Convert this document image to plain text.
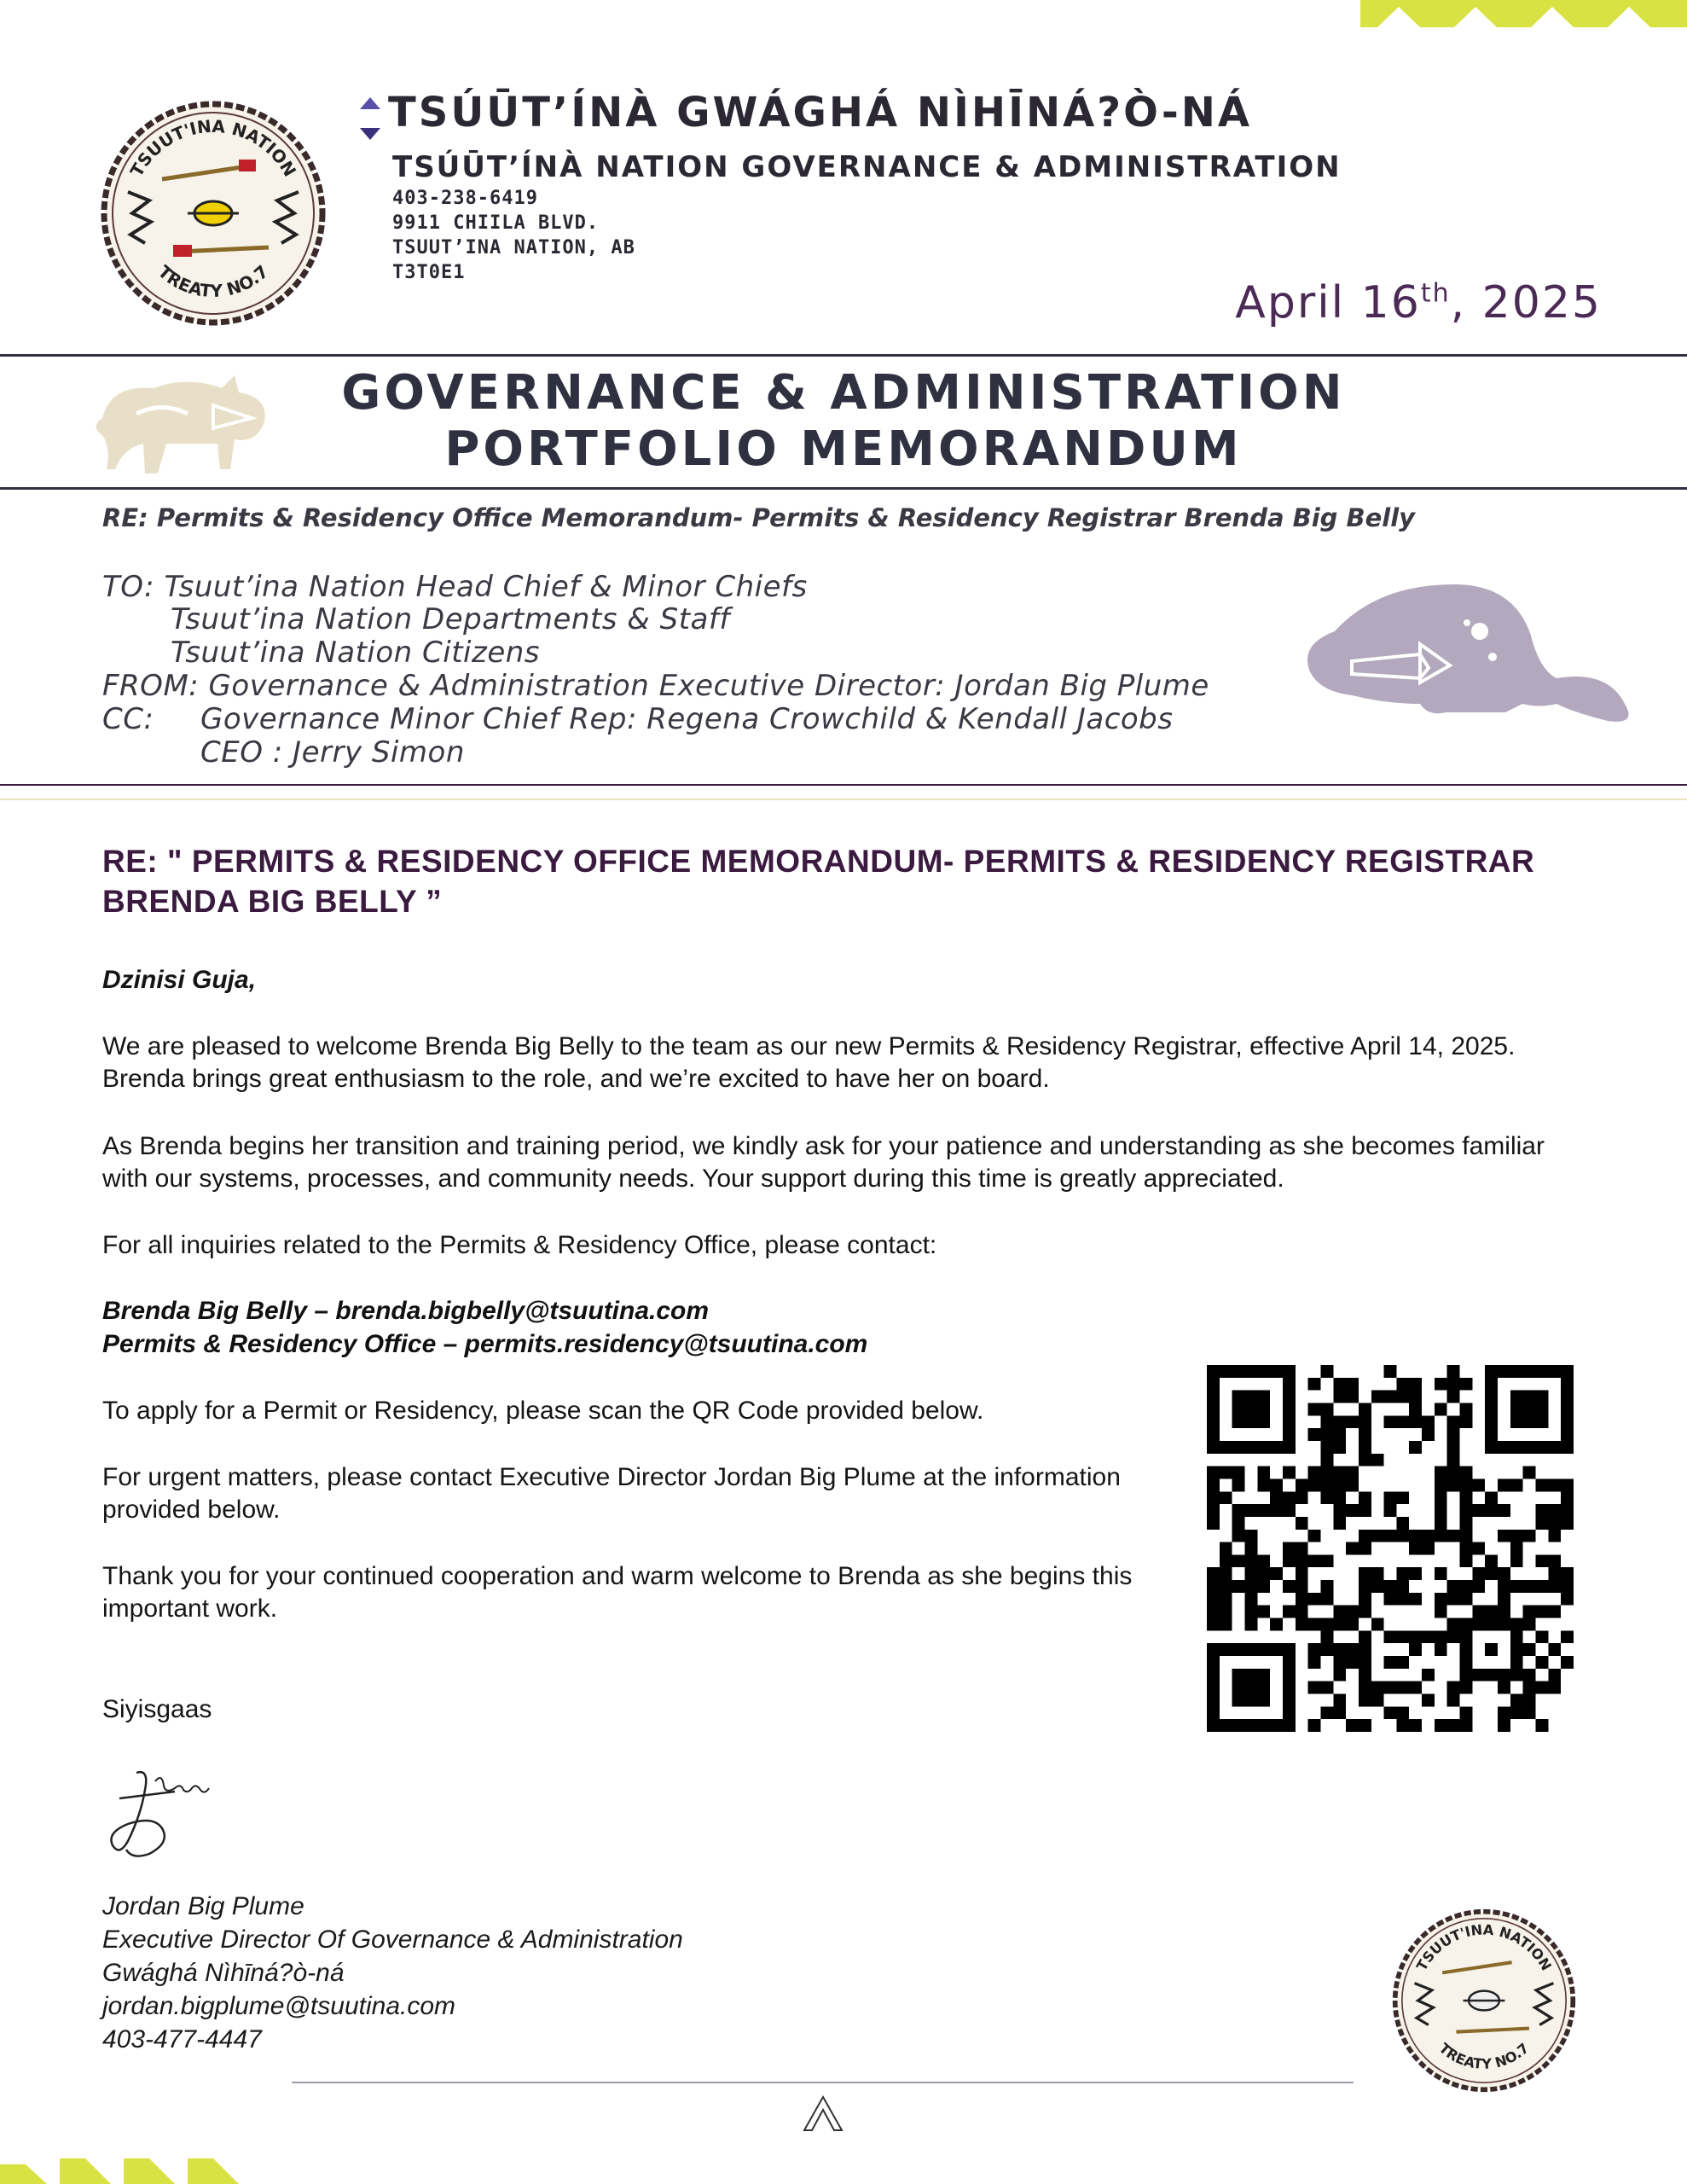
TSUUT'INA NATION
TREATY NO.7
TSÚŪT’ÍNÀ GWÁGHÁ NÌHĪNÁ?Ò-NÁ
TSÚŪT’ÍNÀ NATION GOVERNANCE & ADMINISTRATION
403-238-6419
9911 CHIILA BLVD.
TSUUT’INA NATION, AB
T3T0E1
April 16th, 2025
GOVERNANCE & ADMINISTRATION
PORTFOLIO MEMORANDUM
RE: Permits & Residency Office Memorandum- Permits & Residency Registrar Brenda Big Belly
TO: Tsuut’ina Nation Head Chief & Minor Chiefs
Tsuut’ina Nation Departments & Staff
Tsuut’ina Nation Citizens
FROM: Governance & Administration Executive Director: Jordan Big Plume
CC: Governance Minor Chief Rep: Regena Crowchild & Kendall Jacobs
CEO : Jerry Simon
RE: " PERMITS & RESIDENCY OFFICE MEMORANDUM- PERMITS & RESIDENCY REGISTRAR BRENDA BIG BELLY ”
Dzinisi Guja,
We are pleased to welcome Brenda Big Belly to the team as our new Permits & Residency Registrar, effective April 14, 2025. Brenda brings great enthusiasm to the role, and we’re excited to have her on board.
As Brenda begins her transition and training period, we kindly ask for your patience and understanding as she becomes familiar with our systems, processes, and community needs. Your support during this time is greatly appreciated.
For all inquiries related to the Permits & Residency Office, please contact:
Brenda Big Belly – brenda.bigbelly@tsuutina.com
Permits & Residency Office – permits.residency@tsuutina.com
To apply for a Permit or Residency, please scan the QR Code provided below.
For urgent matters, please contact Executive Director Jordan Big Plume at the information provided below.
Thank you for your continued cooperation and warm welcome to Brenda as she begins this important work.
Siyisgaas
Jordan Big Plume
Executive Director Of Governance & Administration
Gwághá Nìhīná?ò-ná
jordan.bigplume@tsuutina.com
403-477-4447
TSUUT'INA NATION
TREATY NO.7
